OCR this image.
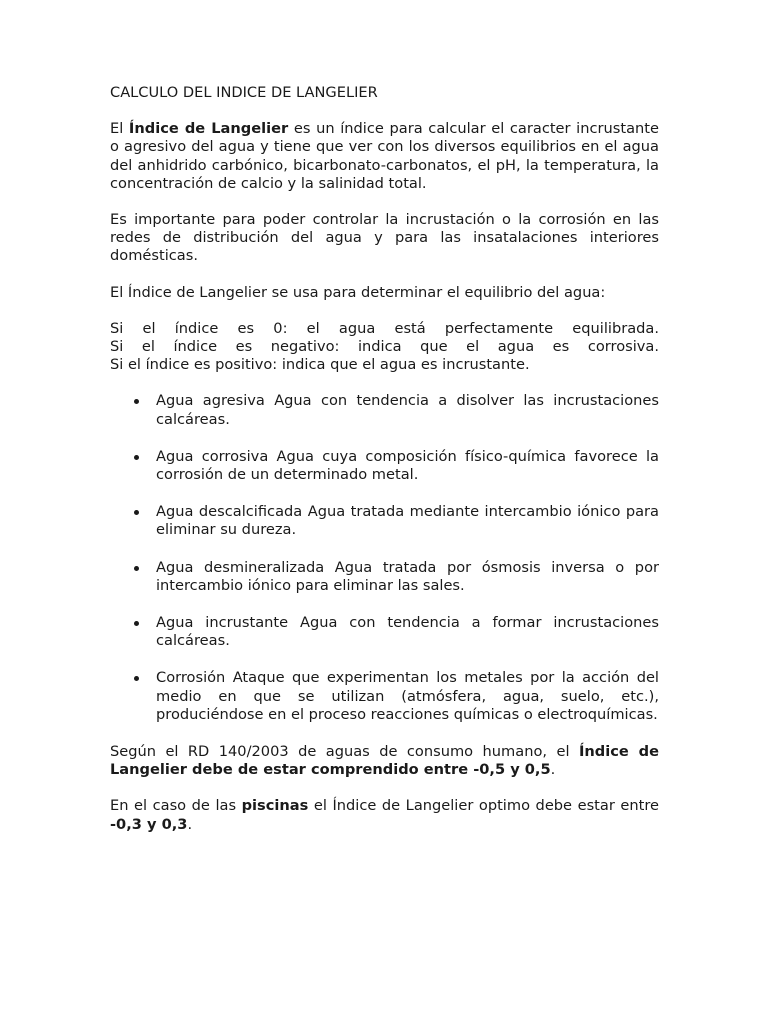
CALCULO DEL INDICE DE LANGELIER

El Índice de Langelier es un índice para calcular el caracter incrustante o agresivo del agua y tiene que ver con los diversos equilibrios en el agua del anhidrido carbónico, bicarbonato-carbonatos, el pH, la temperatura, la concentración de calcio y la salinidad total.

Es importante para poder controlar la incrustación o la corrosión en las redes de distribución del agua y para las insatalaciones interiores domésticas.

El Índice de Langelier se usa para determinar el equilibrio del agua:

Si el índice es 0: el agua está perfectamente equilibrada.
Si el índice es negativo: indica que el agua es corrosiva.
Si el índice es positivo: indica que el agua es incrustante.

Agua agresiva Agua con tendencia a disolver las incrustaciones calcáreas.
Agua corrosiva Agua cuya composición físico-química favorece la corrosión de un determinado metal.
Agua descalcificada Agua tratada mediante intercambio iónico para eliminar su dureza.
Agua desmineralizada Agua tratada por ósmosis inversa o por intercambio iónico para eliminar las sales.
Agua incrustante Agua con tendencia a formar incrustaciones calcáreas.
Corrosión Ataque que experimentan los metales por la acción del medio en que se utilizan (atmósfera, agua, suelo, etc.), produciéndose en el proceso reacciones químicas o electroquímicas.

Según el RD 140/2003 de aguas de consumo humano, el Índice de Langelier debe de estar comprendido entre -0,5 y 0,5.

En el caso de las piscinas el Índice de Langelier optimo debe estar entre -0,3 y 0,3.
